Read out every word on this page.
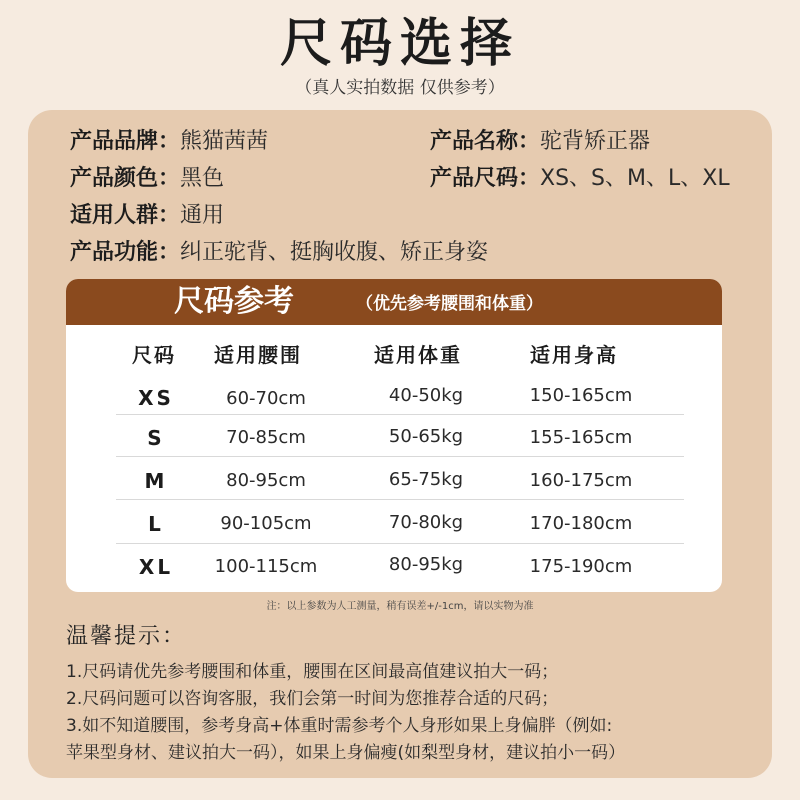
尺码选择
（真人实拍数据 仅供参考）
产品品牌：熊猫茜茜	产品名称：驼背矫正器
产品颜色：黑色	产品尺码：XS、S、M、L、XL
适用人群：通用
产品功能：纠正驼背、挺胸收腹、矫正身姿
尺码参考	（优先参考腰围和体重）
尺码 适用腰围	适用体重	适用身高
XS	60-70cm	40-50kg	150-165cm
S	70-85cm	50-65kg	155-165cm
M	80-95cm	65-75kg	160-175cm
L	90-105cm	70-80kg	170-180cm
XL	100-115cm	80-95kg	175-190cm
注：以上参数为人工测量，稍有误差+/-1cm，请以实物为准
温馨提示：
1.尺码请优先参考腰围和体重，腰围在区间最高值建议拍大一码；
2.尺码问题可以咨询客服，我们会第一时间为您推荐合适的尺码；
3.如不知道腰围，参考身高+体重时需参考个人身形如果上身偏胖（例如:
苹果型身材、建议拍大一码），如果上身偏瘦(如梨型身材，建议拍小一码）
